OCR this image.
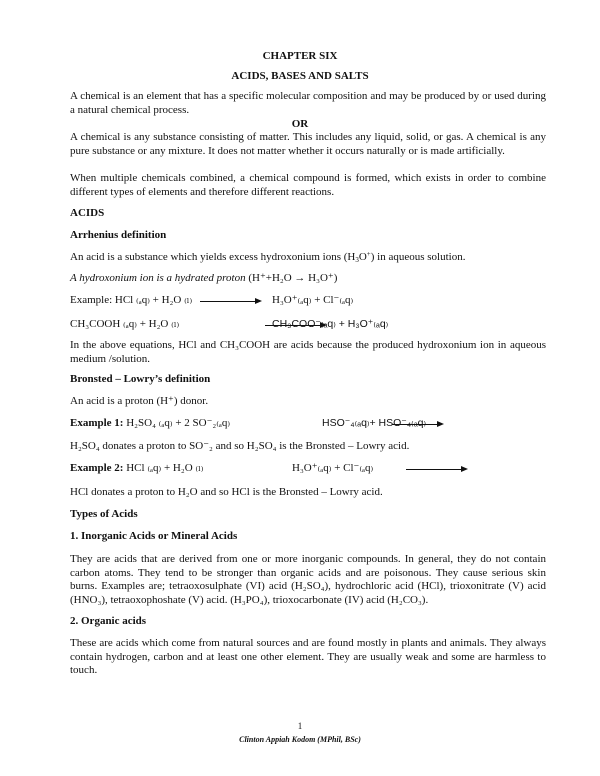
CHAPTER SIX
ACIDS, BASES AND SALTS
A chemical is an element that has a specific molecular composition and may be produced by or used during a natural chemical process.
OR
A chemical is any substance consisting of matter. This includes any liquid, solid, or gas. A chemical is any pure substance or any mixture. It does not matter whether it occurs naturally or is made artificially.
When multiple chemicals combined, a chemical compound is formed, which exists in order to combine different types of elements and therefore different reactions.
ACIDS
Arrhenius definition
An acid is a substance which yields excess hydroxonium ions $(H_3O^+)$ in aqueous solution.
A hydroxonium ion is a hydrated proton (H⁺+H₂O → H₃O⁺)
Example: HCl ₍ₐq₎ + H₂O ₍ₗ₎
	H₃O⁺₍ₐq₎ + Cl⁻₍ₐq₎
CH₃COOH ₍ₐq₎ + H₂O ₍ₗ₎
	CH₃COO⁻₍ₐq₎ + H₃O⁺₍ₐq₎
In the above equations, HCl and CH₃COOH are acids because the produced hydroxonium ion in aqueous medium /solution.
Bronsted – Lowry’s definition
An acid is a proton (H⁺) donor.
Example 1: H₂SO₄ ₍ₐq₎ + 2 SO⁻₂₍ₐq₎
	HSO⁻₄₍ₐq₎+ HSO⁻₄₍ₐq₎
H₂SO₄ donates a proton to SO⁻₂ and so H₂SO₄ is the Bronsted – Lowry acid.
Example 2: HCl ₍ₐq₎ + H₂O ₍ₗ₎	H₃O⁺₍ₐq₎ + Cl⁻₍ₐq₎
HCl donates a proton to H₂O and so HCl is the Bronsted – Lowry acid.
Types of Acids
1. Inorganic Acids or Mineral Acids
They are acids that are derived from one or more inorganic compounds. In general, they do not contain carbon atoms. They tend to be stronger than organic acids and are poisonous. They cause serious skin burns. Examples are; tetraoxosulphate (VI) acid (H₂SO₄), hydrochloric acid (HCl), trioxonitrate (V) acid (HNO₃), tetraoxophoshate (V) acid. (H₃PO₄), trioxocarbonate (IV) acid (H₂CO₃).
2. Organic acids
These are acids which come from natural sources and are found mostly in plants and animals. They always contain hydrogen, carbon and at least one other element. They are usually weak and some are harmless to touch.
1
Clinton Appiah Kodom (MPhil, BSc)
